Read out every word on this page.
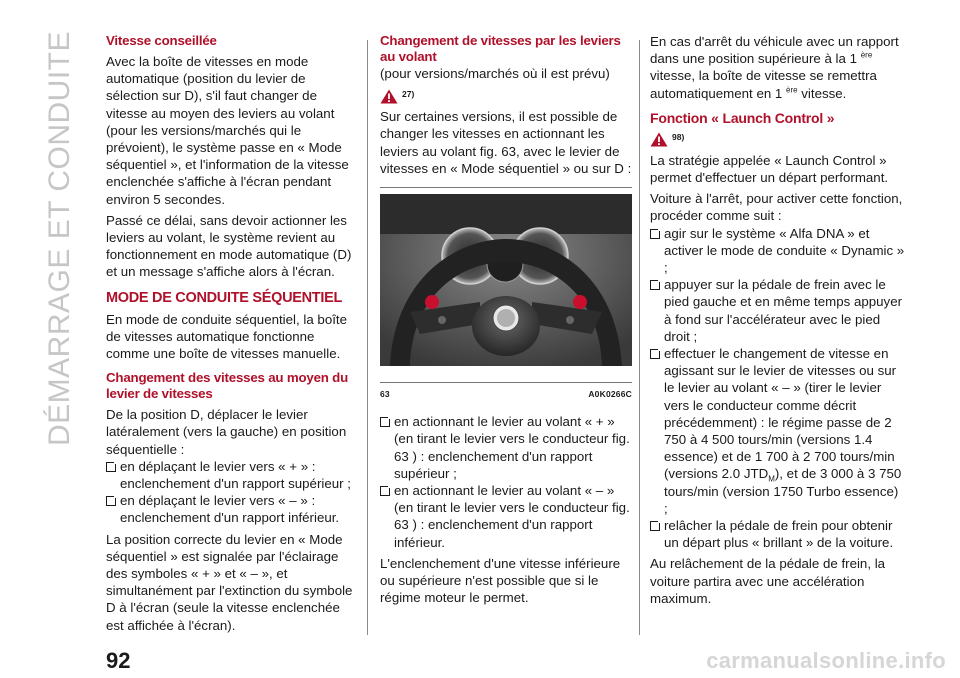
DÉMARRAGE ET CONDUITE Vitesse conseillée

Avec la boîte de vitesses en mode automatique (position du levier de sélection sur D), s'il faut changer de vitesse au moyen des leviers au volant (pour les versions/marchés qui le prévoient), le système passe en « Mode séquentiel », et l'information de la vitesse enclenchée s'affiche à l'écran pendant environ 5 secondes.

Passé ce délai, sans devoir actionner les leviers au volant, le système revient au fonctionnement en mode automatique (D) et un message s'affiche alors à l'écran.

MODE DE CONDUITE SÉQUENTIEL

En mode de conduite séquentiel, la boîte de vitesses automatique fonctionne comme une boîte de vitesses manuelle.

Changement des vitesses au moyen du levier de vitesses

De la position D, déplacer le levier latéralement (vers la gauche) en position séquentielle :

en déplaçant le levier vers « + » : enclenchement d'un rapport supérieur ;
en déplaçant le levier vers « – » : enclenchement d'un rapport inférieur.

La position correcte du levier en « Mode séquentiel » est signalée par l'éclairage des symboles « + » et « – », et simultanément par l'extinction du symbole D à l'écran (seule la vitesse enclenchée est affichée à l'écran).

Changement de vitesses par les leviers au volant
(pour versions/marchés où il est prévu)
27)

Sur certaines versions, il est possible de changer les vitesses en actionnant les leviers au volant fig. 63, avec le levier de vitesses en « Mode séquentiel » ou sur D :

63	A0K0266C
en actionnant le levier au volant « + » (en tirant le levier vers le conducteur fig. 63 ) : enclenchement d'un rapport supérieur ;
en actionnant le levier au volant « – » (en tirant le levier vers le conducteur fig. 63 ) : enclenchement d'un rapport inférieur.

L'enclenchement d'une vitesse inférieure ou supérieure n'est possible que si le régime moteur le permet.

En cas d'arrêt du véhicule avec un rapport dans une position supérieure à la 1 $^{ère}$ vitesse, la boîte de vitesse se remettra automatiquement en 1 $^{ère}$ vitesse.

Fonction « Launch Control »
98)

La stratégie appelée « Launch Control » permet d'effectuer un départ performant.

Voiture à l'arrêt, pour activer cette fonction, procéder comme suit :

agir sur le système « Alfa DNA » et activer le mode de conduite « Dynamic » ;
appuyer sur la pédale de frein avec le pied gauche et en même temps appuyer à fond sur l'accélérateur avec le pied droit ;
effectuer le changement de vitesse en agissant sur le levier de vitesses ou sur le levier au volant « – » (tirer le levier vers le conducteur comme décrit précédemment) : le régime passe de 2 750 à 4 500 tours/min (versions 1.4 essence) et de 1 700 à 2 700 tours/min (versions 2.0 $JTD_M$), et de 3 000 à 3 750 tours/min (version 1750 Turbo essence) ;
relâcher la pédale de frein pour obtenir un départ plus « brillant » de la voiture.

Au relâchement de la pédale de frein, la voiture partira avec une accélération maximum.

92	carmanualsonline.info
